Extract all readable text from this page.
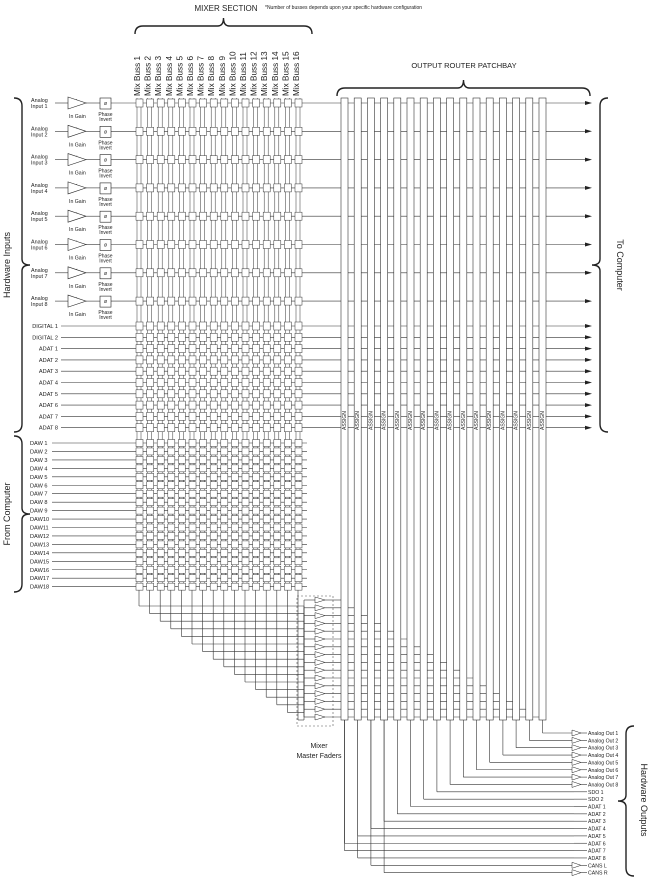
MIXER SECTION *Number of busses depends upon your specific hardware configuration
OUTPUT ROUTER PATCHBAY
Mix Buss 1 Mix Buss 2 Mix Buss 3 Mix Buss 4 Mix Buss 5 Mix Buss 6 Mix Buss 7 Mix Buss 8 Mix Buss 9 Mix Buss 10 Mix Buss 11 Mix Buss 12 Mix Buss 13 Mix Buss 14 Mix Buss 15 Mix Buss 16
Analog
Input 1
In Gain
ø
Phase
Invert
Analog
Input 2
In Gain
ø
Phase
Invert
Analog
Input 3
In Gain
ø
Phase
Invert
Analog
Input 4
In Gain
ø
Phase
Invert
Analog
Input 5
In Gain
ø
Phase
Invert
Analog
Input 6
In Gain
ø
Phase
Invert
Analog
Input 7
In Gain
ø
Phase
Invert
Analog
Input 8
In Gain
ø
Phase
Invert
DIGITAL 1
DIGITAL 2
ADAT 1
ADAT 2
ADAT 3
ADAT 4
ADAT 5
ADAT 6
ADAT 7
ADAT 8
DAW 1
DAW 2
DAW 3
DAW 4
DAW 5
DAW 6
DAW 7
DAW 8
DAW 9
DAW10
DAW11
DAW12
DAW13
DAW14
DAW15
DAW16
DAW17
DAW18
ASSIGN ASSIGN ASSIGN ASSIGN ASSIGN ASSIGN ASSIGN ASSIGN ASSIGN ASSIGN ASSIGN ASSIGN ASSIGN ASSIGN ASSIGN ASSIGN
Mixer
Master Faders
Analog Out 1
Analog Out 2
Analog Out 3
Analog Out 4
Analog Out 5
Analog Out 6
Analog Out 7
Analog Out 8
SDO 1
SDO 2
ADAT 1
ADAT 2
ADAT 3
ADAT 4
ADAT 5
ADAT 6
ADAT 7
ADAT 8
CANS L
CANS R
Hardware Inputs
From Computer
To Computer
Hardware Outputs
